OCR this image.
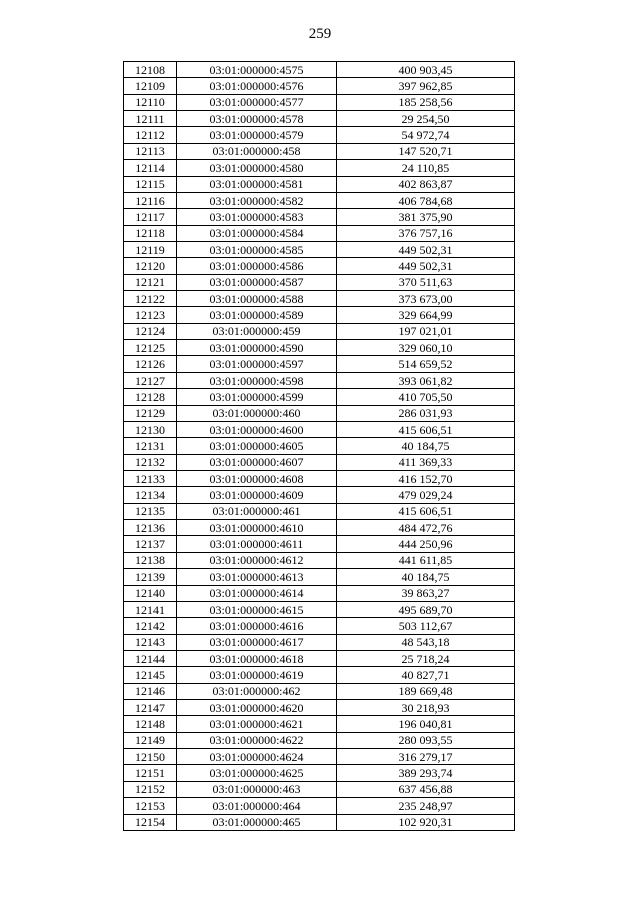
259
12108	03:01:000000:4575	400 903,45
12109	03:01:000000:4576	397 962,85
12110	03:01:000000:4577	185 258,56
12111	03:01:000000:4578	29 254,50
12112	03:01:000000:4579	54 972,74
12113	03:01:000000:458	147 520,71
12114	03:01:000000:4580	24 110,85
12115	03:01:000000:4581	402 863,87
12116	03:01:000000:4582	406 784,68
12117	03:01:000000:4583	381 375,90
12118	03:01:000000:4584	376 757,16
12119	03:01:000000:4585	449 502,31
12120	03:01:000000:4586	449 502,31
12121	03:01:000000:4587	370 511,63
12122	03:01:000000:4588	373 673,00
12123	03:01:000000:4589	329 664,99
12124	03:01:000000:459	197 021,01
12125	03:01:000000:4590	329 060,10
12126	03:01:000000:4597	514 659,52
12127	03:01:000000:4598	393 061,82
12128	03:01:000000:4599	410 705,50
12129	03:01:000000:460	286 031,93
12130	03:01:000000:4600	415 606,51
12131	03:01:000000:4605	40 184,75
12132	03:01:000000:4607	411 369,33
12133	03:01:000000:4608	416 152,70
12134	03:01:000000:4609	479 029,24
12135	03:01:000000:461	415 606,51
12136	03:01:000000:4610	484 472,76
12137	03:01:000000:4611	444 250,96
12138	03:01:000000:4612	441 611,85
12139	03:01:000000:4613	40 184,75
12140	03:01:000000:4614	39 863,27
12141	03:01:000000:4615	495 689,70
12142	03:01:000000:4616	503 112,67
12143	03:01:000000:4617	48 543,18
12144	03:01:000000:4618	25 718,24
12145	03:01:000000:4619	40 827,71
12146	03:01:000000:462	189 669,48
12147	03:01:000000:4620	30 218,93
12148	03:01:000000:4621	196 040,81
12149	03:01:000000:4622	280 093,55
12150	03:01:000000:4624	316 279,17
12151	03:01:000000:4625	389 293,74
12152	03:01:000000:463	637 456,88
12153	03:01:000000:464	235 248,97
12154	03:01:000000:465	102 920,31
